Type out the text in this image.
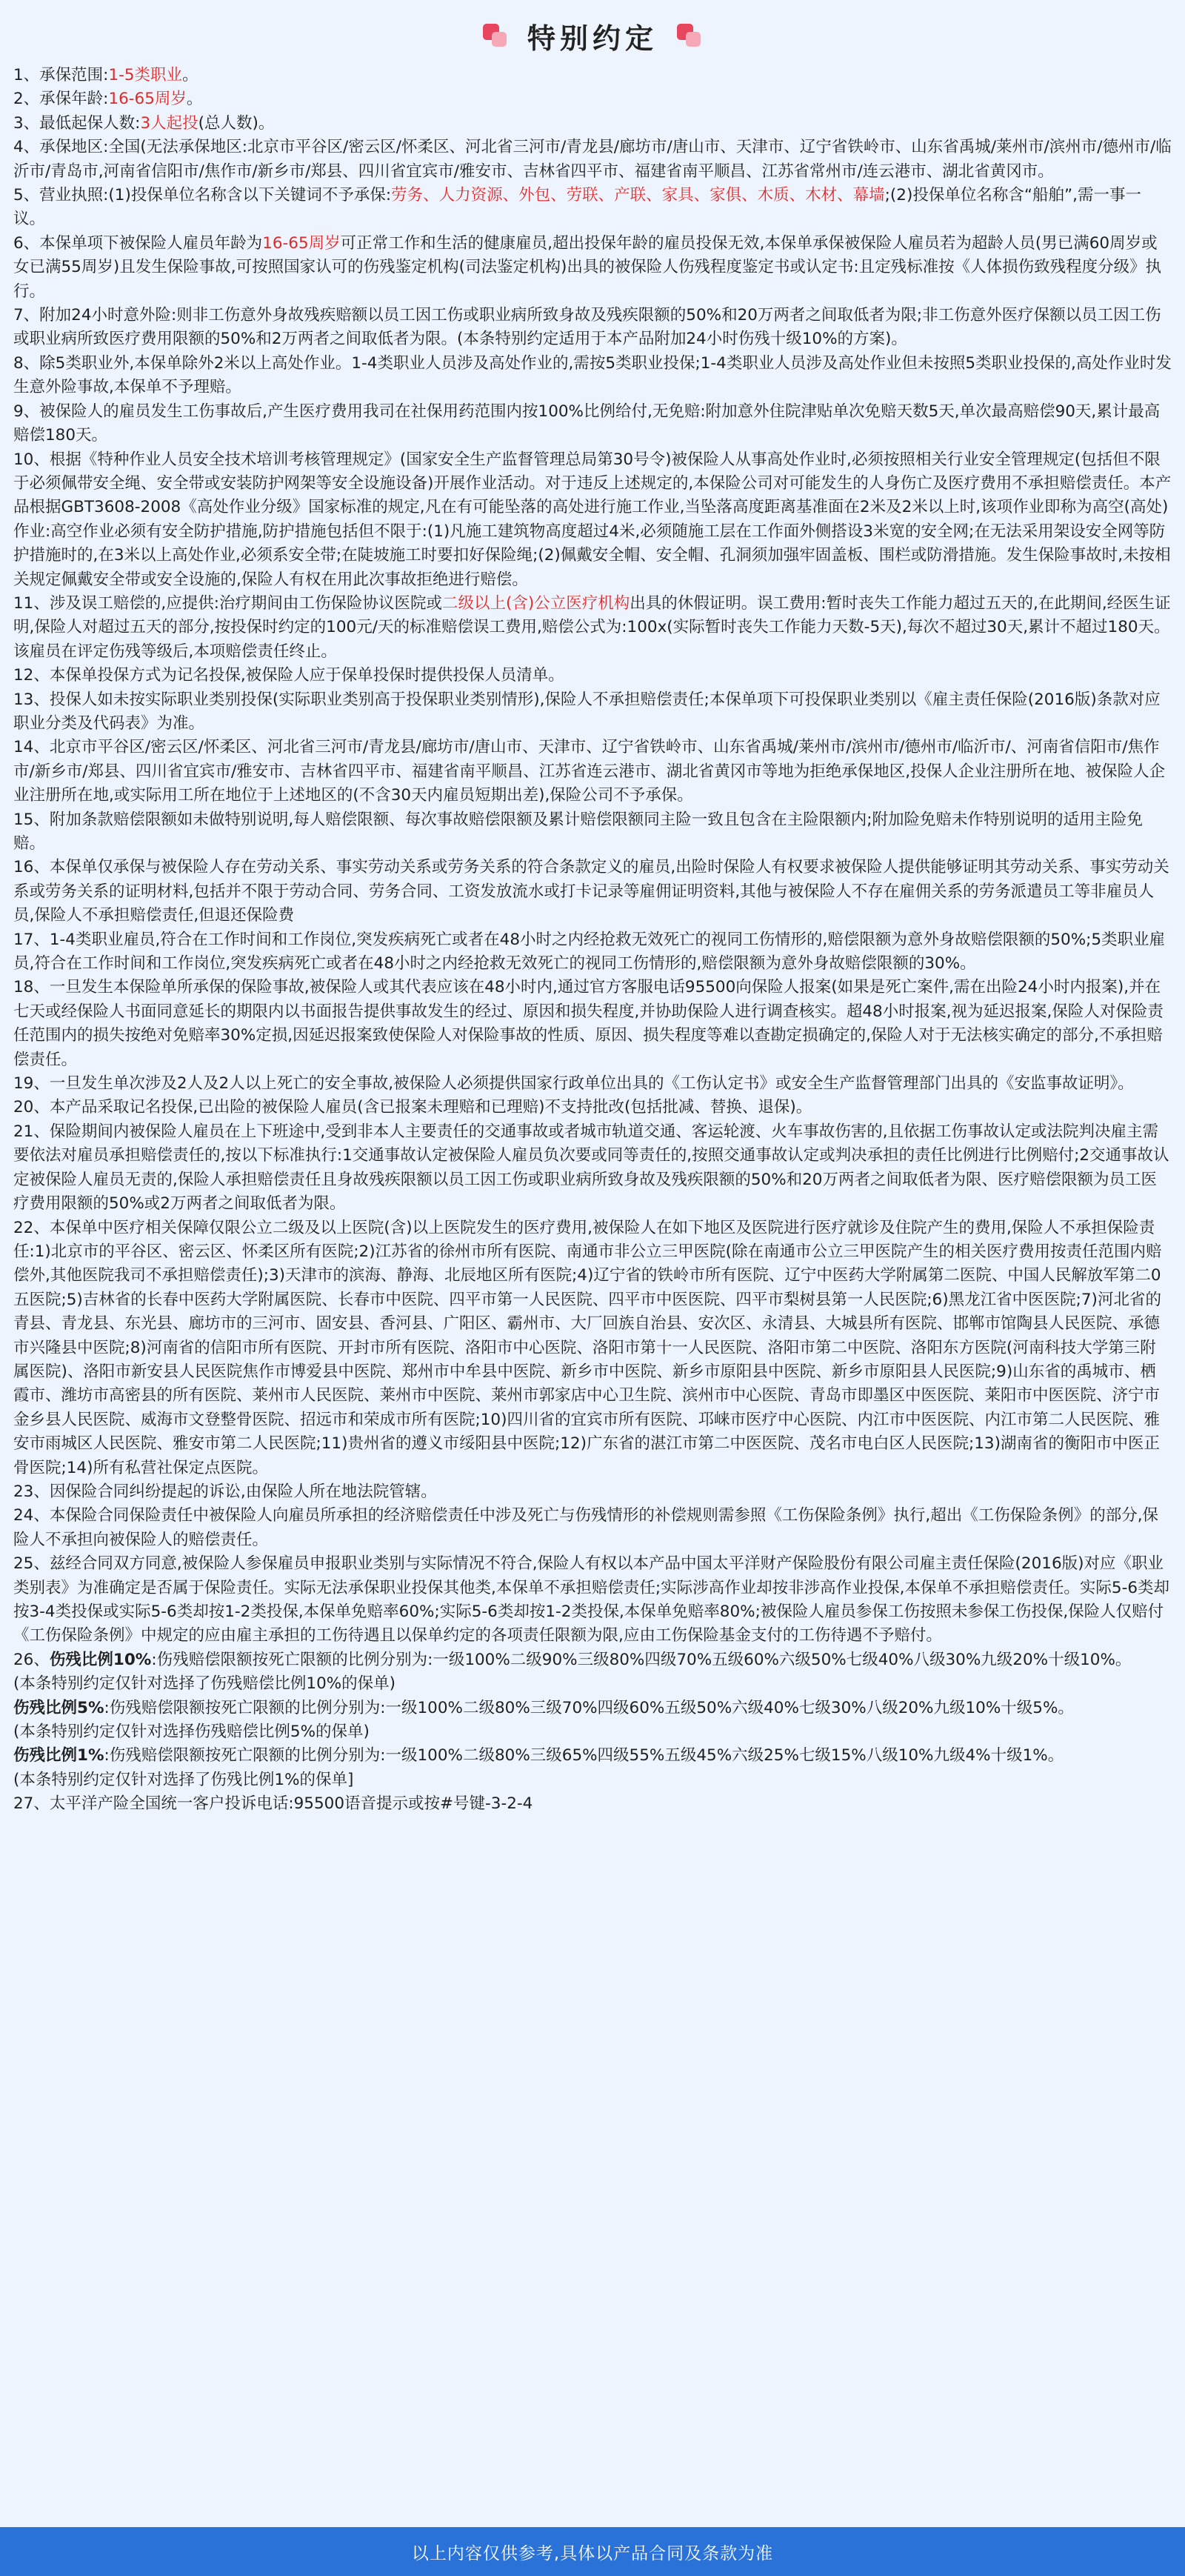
特别约定

1、承保范围:1-5类职业。

2、承保年龄:16-65周岁。

3、最低起保人数:3人起投(总人数)。

4、承保地区:全国(无法承保地区:北京市平谷区/密云区/怀柔区、河北省三河市/青龙县/廊坊市/唐山市、天津市、辽宁省铁岭市、山东省禹城/莱州市/滨州市/德州市/临沂市/青岛市,河南省信阳市/焦作市/新乡市/郑县、四川省宜宾市/雅安市、吉林省四平市、福建省南平顺昌、江苏省常州市/连云港市、湖北省黄冈市。

5、营业执照:(1)投保单位名称含以下关键词不予承保:劳务、人力资源、外包、劳联、产联、家具、家俱、木质、木材、幕墙;(2)投保单位名称含“船舶”,需一事一议。

6、本保单项下被保险人雇员年龄为16-65周岁可正常工作和生活的健康雇员,超出投保年龄的雇员投保无效,本保单承保被保险人雇员若为超龄人员(男已满60周岁或女已满55周岁)且发生保险事故,可按照国家认可的伤残鉴定机构(司法鉴定机构)出具的被保险人伤残程度鉴定书或认定书:且定残标准按《人体损伤致残程度分级》执行。

7、附加24小时意外险:则非工伤意外身故残疾赔额以员工因工伤或职业病所致身故及残疾限额的50%和20万两者之间取低者为限;非工伤意外医疗保额以员工因工伤或职业病所致医疗费用限额的50%和2万两者之间取低者为限。(本条特别约定适用于本产品附加24小时伤残十级10%的方案)。

8、除5类职业外,本保单除外2米以上高处作业。1-4类职业人员涉及高处作业的,需按5类职业投保;1-4类职业人员涉及高处作业但未按照5类职业投保的,高处作业时发生意外险事故,本保单不予理赔。

9、被保险人的雇员发生工伤事故后,产生医疗费用我司在社保用药范围内按100%比例给付,无免赔:附加意外住院津贴单次免赔天数5天,单次最高赔偿90天,累计最高赔偿180天。

10、根据《特种作业人员安全技术培训考核管理规定》(国家安全生产监督管理总局第30号令)被保险人从事高处作业时,必须按照相关行业安全管理规定(包括但不限于必须佩带安全绳、安全带或安装防护网架等安全设施设备)开展作业活动。对于违反上述规定的,本保险公司对可能发生的人身伤亡及医疗费用不承担赔偿责任。本产品根据GBT3608-2008《高处作业分级》国家标准的规定,凡在有可能坠落的高处进行施工作业,当坠落高度距离基准面在2米及2米以上时,该项作业即称为高空(高处)作业:高空作业必须有安全防护措施,防护措施包括但不限于:(1)凡施工建筑物高度超过4米,必须随施工层在工作面外侧搭设3米宽的安全网;在无法采用架设安全网等防护措施时的,在3米以上高处作业,必须系安全带;在陡坡施工时要扣好保险绳;(2)佩戴安全帽、安全帽、孔洞须加强牢固盖板、围栏或防滑措施。发生保险事故时,未按相关规定佩戴安全带或安全设施的,保险人有权在用此次事故拒绝进行赔偿。

11、涉及误工赔偿的,应提供:治疗期间由工伤保险协议医院或二级以上(含)公立医疗机构出具的休假证明。误工费用:暂时丧失工作能力超过五天的,在此期间,经医生证明,保险人对超过五天的部分,按投保时约定的100元/天的标准赔偿误工费用,赔偿公式为:100x(实际暂时丧失工作能力天数-5天),每次不超过30天,累计不超过180天。该雇员在评定伤残等级后,本项赔偿责任终止。

12、本保单投保方式为记名投保,被保险人应于保单投保时提供投保人员清单。

13、投保人如未按实际职业类别投保(实际职业类别高于投保职业类别情形),保险人不承担赔偿责任;本保单项下可投保职业类别以《雇主责任保险(2016版)条款对应职业分类及代码表》为准。

14、北京市平谷区/密云区/怀柔区、河北省三河市/青龙县/廊坊市/唐山市、天津市、辽宁省铁岭市、山东省禹城/莱州市/滨州市/德州市/临沂市/、河南省信阳市/焦作市/新乡市/郑县、四川省宜宾市/雅安市、吉林省四平市、福建省南平顺昌、江苏省连云港市、湖北省黄冈市等地为拒绝承保地区,投保人企业注册所在地、被保险人企业注册所在地,或实际用工所在地位于上述地区的(不含30天内雇员短期出差),保险公司不予承保。

15、附加条款赔偿限额如未做特别说明,每人赔偿限额、每次事故赔偿限额及累计赔偿限额同主险一致且包含在主险限额内;附加险免赔未作特别说明的适用主险免赔。

16、本保单仅承保与被保险人存在劳动关系、事实劳动关系或劳务关系的符合条款定义的雇员,出险时保险人有权要求被保险人提供能够证明其劳动关系、事实劳动关系或劳务关系的证明材料,包括并不限于劳动合同、劳务合同、工资发放流水或打卡记录等雇佣证明资料,其他与被保险人不存在雇佣关系的劳务派遣员工等非雇员人员,保险人不承担赔偿责任,但退还保险费

17、1-4类职业雇员,符合在工作时间和工作岗位,突发疾病死亡或者在48小时之内经抢救无效死亡的视同工伤情形的,赔偿限额为意外身故赔偿限额的50%;5类职业雇员,符合在工作时间和工作岗位,突发疾病死亡或者在48小时之内经抢救无效死亡的视同工伤情形的,赔偿限额为意外身故赔偿限额的30%。

18、一旦发生本保险单所承保的保险事故,被保险人或其代表应该在48小时内,通过官方客服电话95500向保险人报案(如果是死亡案件,需在出险24小时内报案),并在七天或经保险人书面同意延长的期限内以书面报告提供事故发生的经过、原因和损失程度,并协助保险人进行调查核实。超48小时报案,视为延迟报案,保险人对保险责任范围内的损失按绝对免赔率30%定损,因延迟报案致使保险人对保险事故的性质、原因、损失程度等难以查勘定损确定的,保险人对于无法核实确定的部分,不承担赔偿责任。

19、一旦发生单次涉及2人及2人以上死亡的安全事故,被保险人必须提供国家行政单位出具的《工伤认定书》或安全生产监督管理部门出具的《安监事故证明》。

20、本产品采取记名投保,已出险的被保险人雇员(含已报案未理赔和已理赔)不支持批改(包括批减、替换、退保)。

21、保险期间内被保险人雇员在上下班途中,受到非本人主要责任的交通事故或者城市轨道交通、客运轮渡、火车事故伤害的,且依据工伤事故认定或法院判决雇主需要依法对雇员承担赔偿责任的,按以下标准执行:1交通事故认定被保险人雇员负次要或同等责任的,按照交通事故认定或判决承担的责任比例进行比例赔付;2交通事故认定被保险人雇员无责的,保险人承担赔偿责任且身故残疾限额以员工因工伤或职业病所致身故及残疾限额的50%和20万两者之间取低者为限、医疗赔偿限额为员工医疗费用限额的50%或2万两者之间取低者为限。

22、本保单中医疗相关保障仅限公立二级及以上医院(含)以上医院发生的医疗费用,被保险人在如下地区及医院进行医疗就诊及住院产生的费用,保险人不承担保险责任:1)北京市的平谷区、密云区、怀柔区所有医院;2)江苏省的徐州市所有医院、南通市非公立三甲医院(除在南通市公立三甲医院产生的相关医疗费用按责任范围内赔偿外,其他医院我司不承担赔偿责任);3)天津市的滨海、静海、北辰地区所有医院;4)辽宁省的铁岭市所有医院、辽宁中医药大学附属第二医院、中国人民解放军第二0五医院;5)吉林省的长春中医药大学附属医院、长春市中医院、四平市第一人民医院、四平市中医医院、四平市梨树县第一人民医院;6)黑龙江省中医医院;7)河北省的青县、青龙县、东光县、廊坊市的三河市、固安县、香河县、广阳区、霸州市、大厂回族自治县、安次区、永清县、大城县所有医院、邯郸市馆陶县人民医院、承德市兴隆县中医院;8)河南省的信阳市所有医院、开封市所有医院、洛阳市中心医院、洛阳市第十一人民医院、洛阳市第二中医院、洛阳东方医院(河南科技大学第三附属医院)、洛阳市新安县人民医院焦作市博爱县中医院、郑州市中牟县中医院、新乡市中医院、新乡市原阳县中医院、新乡市原阳县人民医院;9)山东省的禹城市、栖霞市、潍坊市高密县的所有医院、莱州市人民医院、莱州市中医院、莱州市郭家店中心卫生院、滨州市中心医院、青岛市即墨区中医医院、莱阳市中医医院、济宁市金乡县人民医院、威海市文登整骨医院、招远市和荣成市所有医院;10)四川省的宜宾市所有医院、邛崃市医疗中心医院、内江市中医医院、内江市第二人民医院、雅安市雨城区人民医院、雅安市第二人民医院;11)贵州省的遵义市绥阳县中医院;12)广东省的湛江市第二中医医院、茂名市电白区人民医院;13)湖南省的衡阳市中医正骨医院;14)所有私营社保定点医院。

23、因保险合同纠纷提起的诉讼,由保险人所在地法院管辖。

24、本保险合同保险责任中被保险人向雇员所承担的经济赔偿责任中涉及死亡与伤残情形的补偿规则需参照《工伤保险条例》执行,超出《工伤保险条例》的部分,保险人不承担向被保险人的赔偿责任。

25、兹经合同双方同意,被保险人参保雇员申报职业类别与实际情况不符合,保险人有权以本产品中国太平洋财产保险股份有限公司雇主责任保险(2016版)对应《职业类别表》为准确定是否属于保险责任。实际无法承保职业投保其他类,本保单不承担赔偿责任;实际涉高作业却按非涉高作业投保,本保单不承担赔偿责任。实际5-6类却按3-4类投保或实际5-6类却按1-2类投保,本保单免赔率60%;实际5-6类却按1-2类投保,本保单免赔率80%;被保险人雇员参保工伤按照未参保工伤投保,保险人仅赔付《工伤保险条例》中规定的应由雇主承担的工伤待遇且以保单约定的各项责任限额为限,应由工伤保险基金支付的工伤待遇不予赔付。

26、伤残比例10%:伤残赔偿限额按死亡限额的比例分别为:一级100%二级90%三级80%四级70%五级60%六级50%七级40%八级30%九级20%十级10%。

(本条特别约定仅针对选择了伤残赔偿比例10%的保单)

伤残比例5%:伤残赔偿限额按死亡限额的比例分别为:一级100%二级80%三级70%四级60%五级50%六级40%七级30%八级20%九级10%十级5%。

(本条特别约定仅针对选择伤残赔偿比例5%的保单)

伤残比例1%:伤残赔偿限额按死亡限额的比例分别为:一级100%二级80%三级65%四级55%五级45%六级25%七级15%八级10%九级4%十级1%。

(本条特别约定仅针对选择了伤残比例1%的保单]

27、太平洋产险全国统一客户投诉电话:95500语音提示或按#号键-3-2-4

以上内容仅供参考,具体以产品合同及条款为准
